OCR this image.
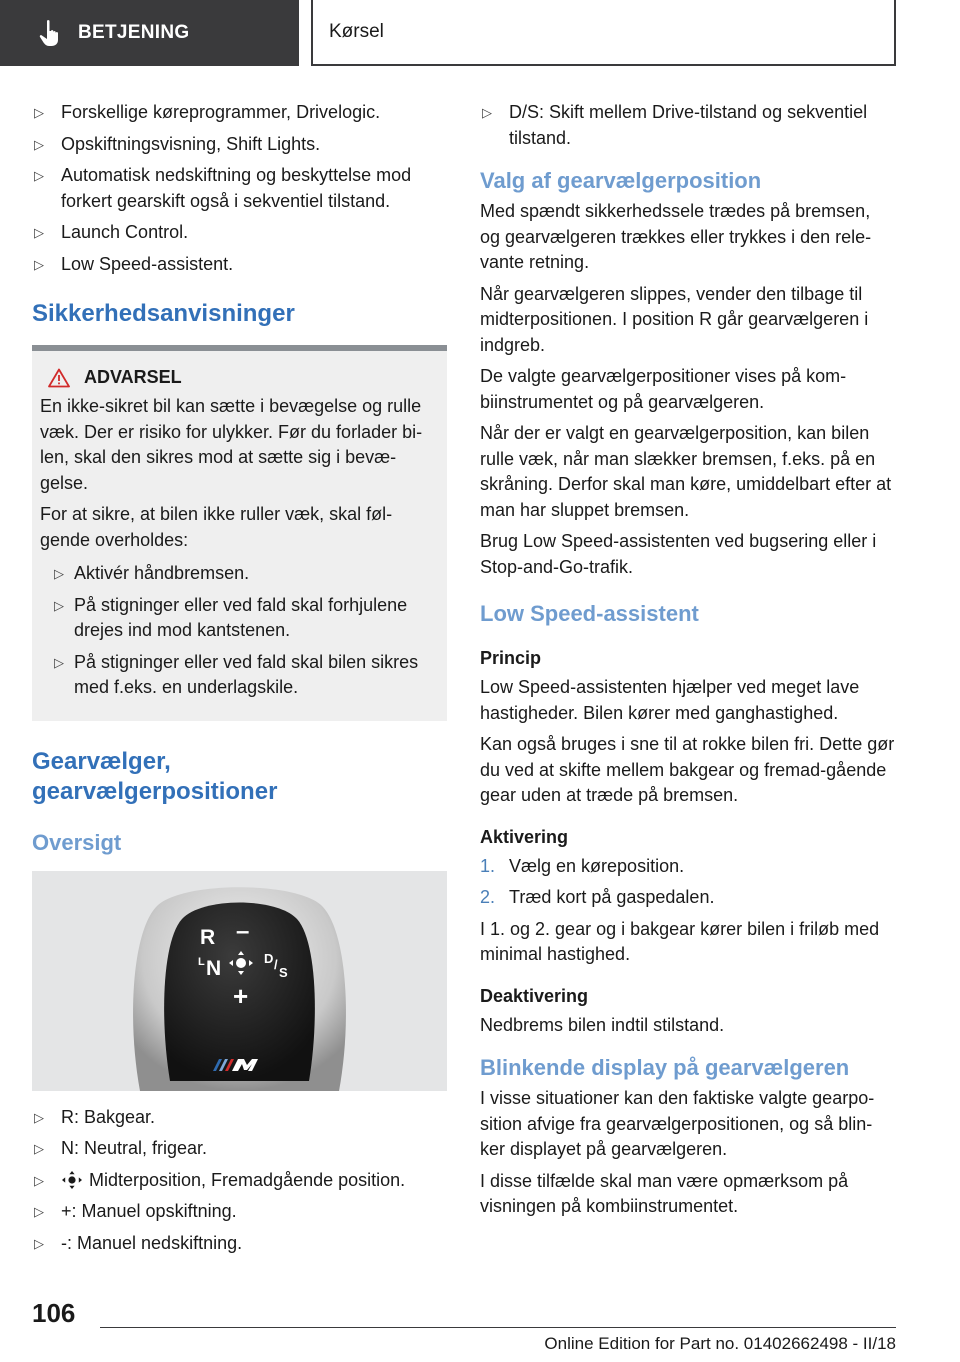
BETJENING	Kørsel
▷ Forskellige køreprogrammer, Drivelogic.
▷ Opskiftningsvisning, Shift Lights.
▷ Automatisk nedskiftning og beskyttelse mod forkert gearskift også i sekventiel tilstand.
▷ Launch Control.
▷ Low Speed-assistent.
Sikkerhedsanvisninger
ADVARSEL

En ikke-sikret bil kan sætte i bevægelse og rulle væk. Der er risiko for ulykker. Før du forlader bi-len, skal den sikres mod at sætte sig i bevæ-gelse.

For at sikre, at bilen ikke ruller væk, skal føl-gende overholdes:

▷ Aktivér håndbremsen.
▷ På stigninger eller ved fald skal forhjulene drejes ind mod kantstenen.
▷ På stigninger eller ved fald skal bilen sikres med f.eks. en underlagskile.
Gearvælger,
gearvælgerpositioner
Oversigt
R –
L N	D /
S
+
▷ R: Bakgear.
▷ N: Neutral, frigear.
▷	Midterposition, Fremadgående position.
▷ +: Manuel opskiftning.
▷ -: Manuel nedskiftning.
▷ D/S: Skift mellem Drive-tilstand og sekventiel tilstand.
Valg af gearvælgerposition

Med spændt sikkerhedssele trædes på bremsen, og gearvælgeren trækkes eller trykkes i den rele-vante retning.

Når gearvælgeren slippes, vender den tilbage til midterpositionen. I position R går gearvælgeren i indgreb.

De valgte gearvælgerpositioner vises på kom-biinstrumentet og på gearvælgeren.

Når der er valgt en gearvælgerposition, kan bilen rulle væk, når man slækker bremsen, f.eks. på en skråning. Derfor skal man køre, umiddelbart efter at man har sluppet bremsen.

Brug Low Speed-assistenten ved bugsering eller i Stop-and-Go-trafik.

Low Speed-assistent
Princip

Low Speed-assistenten hjælper ved meget lave hastigheder. Bilen kører med ganghastighed.

Kan også bruges i sne til at rokke bilen fri. Dette gør du ved at skifte mellem bakgear og fremad-gående gear uden at træde på bremsen.

Aktivering
1. Vælg en køreposition.
2. Træd kort på gaspedalen.

I 1. og 2. gear og i bakgear kører bilen i friløb med minimal hastighed.

Deaktivering

Nedbrems bilen indtil stilstand.

Blinkende display på gearvælgeren

I visse situationer kan den faktiske valgte gearpo-sition afvige fra gearvælgerpositionen, og så blin-ker displayet på gearvælgeren.

I disse tilfælde skal man være opmærksom på visningen på kombiinstrumentet.

106
Online Edition for Part no. 01402662498 - II/18
